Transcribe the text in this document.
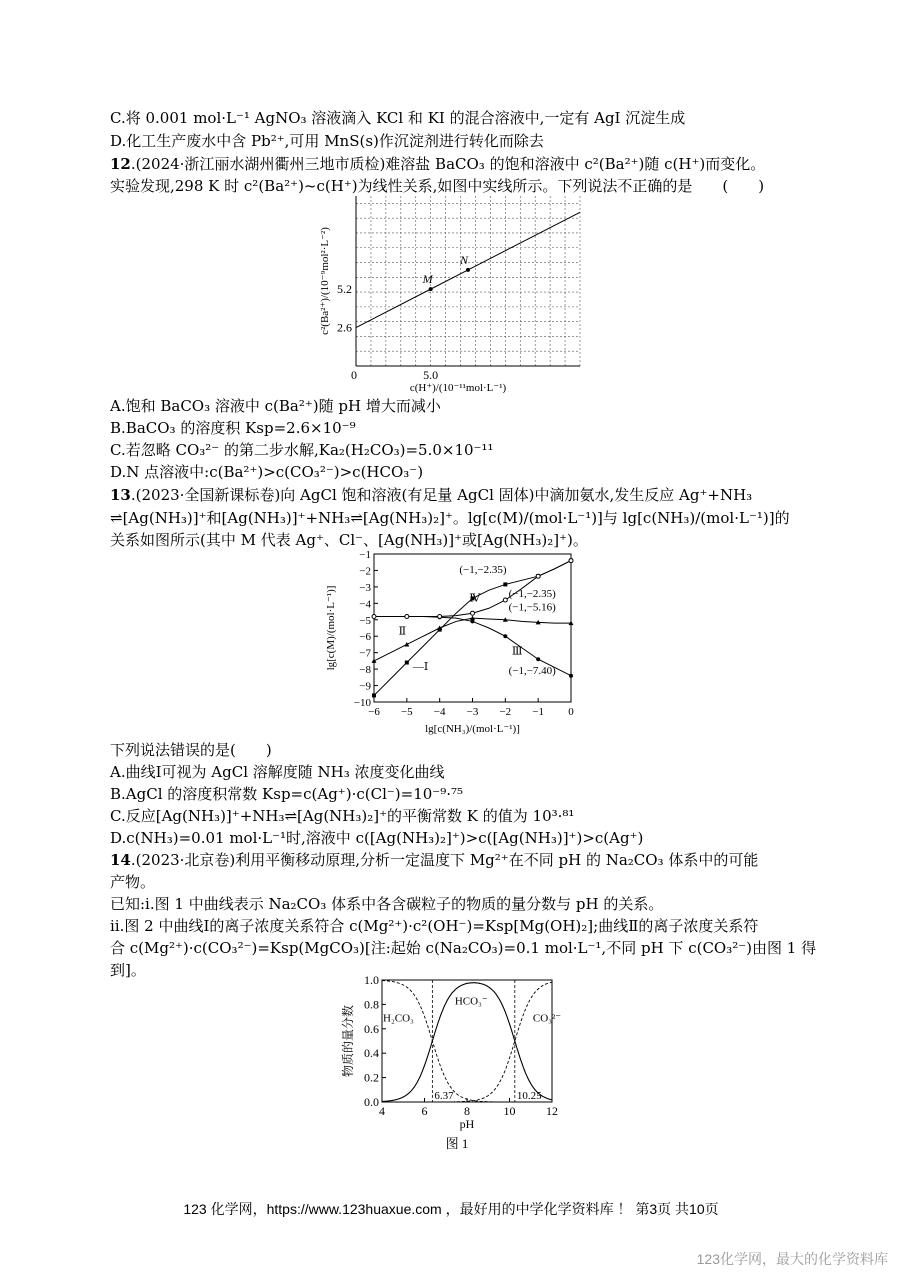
C.将 0.001 mol·L⁻¹ AgNO₃ 溶液滴入 KCl 和 KI 的混合溶液中,一定有 AgI 沉淀生成
D.化工生产废水中含 Pb²⁺,可用 MnS(s)作沉淀剂进行转化而除去
12.(2024·浙江丽水湖州衢州三地市质检)难溶盐 BaCO₃ 的饱和溶液中 c²(Ba²⁺)随 c(H⁺)而变化。
实验发现,298 K 时 c²(Ba²⁺)~c(H⁺)为线性关系,如图中实线所示。下列说法不正确的是　　(　　)
M
N
0	5.0
2.6
5.2
c(H⁺)/(10⁻¹¹mol·L⁻¹)
c²(Ba²⁺)/(10⁻⁹mol²·L⁻²)
A.饱和 BaCO₃ 溶液中 c(Ba²⁺)随 pH 增大而减小
B.BaCO₃ 的溶度积 Ksp=2.6×10⁻⁹
C.若忽略 CO₃²⁻ 的第二步水解,Ka₂(H₂CO₃)=5.0×10⁻¹¹
D.N 点溶液中:c(Ba²⁺)>c(CO₃²⁻)>c(HCO₃⁻)
13.(2023·全国新课标卷)向 AgCl 饱和溶液(有足量 AgCl 固体)中滴加氨水,发生反应 Ag⁺+NH₃
⇌[Ag(NH₃)]⁺和[Ag(NH₃)]⁺+NH₃⇌[Ag(NH₃)₂]⁺。lg[c(M)/(mol·L⁻¹)]与 lg[c(NH₃)/(mol·L⁻¹)]的
关系如图所示(其中 M 代表 Ag⁺、Cl⁻、[Ag(NH₃)]⁺或[Ag(NH₃)₂]⁺)。
−6 −5 −4 −3 −2 −1 0
−1
−2
−3
−4
−5
−6
−7
−8
−9
−10
—Ⅰ
Ⅱ
Ⅲ
Ⅳ
(−1,−2.35)
(−1,−2.35)
(−1,−5.16)
(−1,−7.40)
lg[c(NH₃)/(mol·L⁻¹)]
lg[c(M)/(mol·L⁻¹)]
下列说法错误的是(　　)
A.曲线Ⅰ可视为 AgCl 溶解度随 NH₃ 浓度变化曲线
B.AgCl 的溶度积常数 Ksp=c(Ag⁺)·c(Cl⁻)=10⁻⁹·⁷⁵
C.反应[Ag(NH₃)]⁺+NH₃⇌[Ag(NH₃)₂]⁺的平衡常数 K 的值为 10³·⁸¹
D.c(NH₃)=0.01 mol·L⁻¹时,溶液中 c([Ag(NH₃)₂]⁺)>c([Ag(NH₃)]⁺)>c(Ag⁺)
14.(2023·北京卷)利用平衡移动原理,分析一定温度下 Mg²⁺在不同 pH 的 Na₂CO₃ 体系中的可能
产物。
已知:ⅰ.图 1 中曲线表示 Na₂CO₃ 体系中各含碳粒子的物质的量分数与 pH 的关系。
ⅱ.图 2 中曲线Ⅰ的离子浓度关系符合 c(Mg²⁺)·c²(OH⁻)=Ksp[Mg(OH)₂];曲线Ⅱ的离子浓度关系符
合 c(Mg²⁺)·c(CO₃²⁻)=Ksp(MgCO₃)[注:起始 c(Na₂CO₃)=0.1 mol·L⁻¹,不同 pH 下 c(CO₃²⁻)由图 1 得
到]。
4	6	8	10	12
0.0
0.2
0.4
0.6
0.8
1.0
H₂CO₃
HCO₃⁻
CO₃²⁻
6.37	10.25
pH
物质的量分数
图 1
123 化学网，https://www.123huaxue.com ，最好用的中学化学资料库 ！ 第3页 共10页
123化学网，最大的化学资料库
